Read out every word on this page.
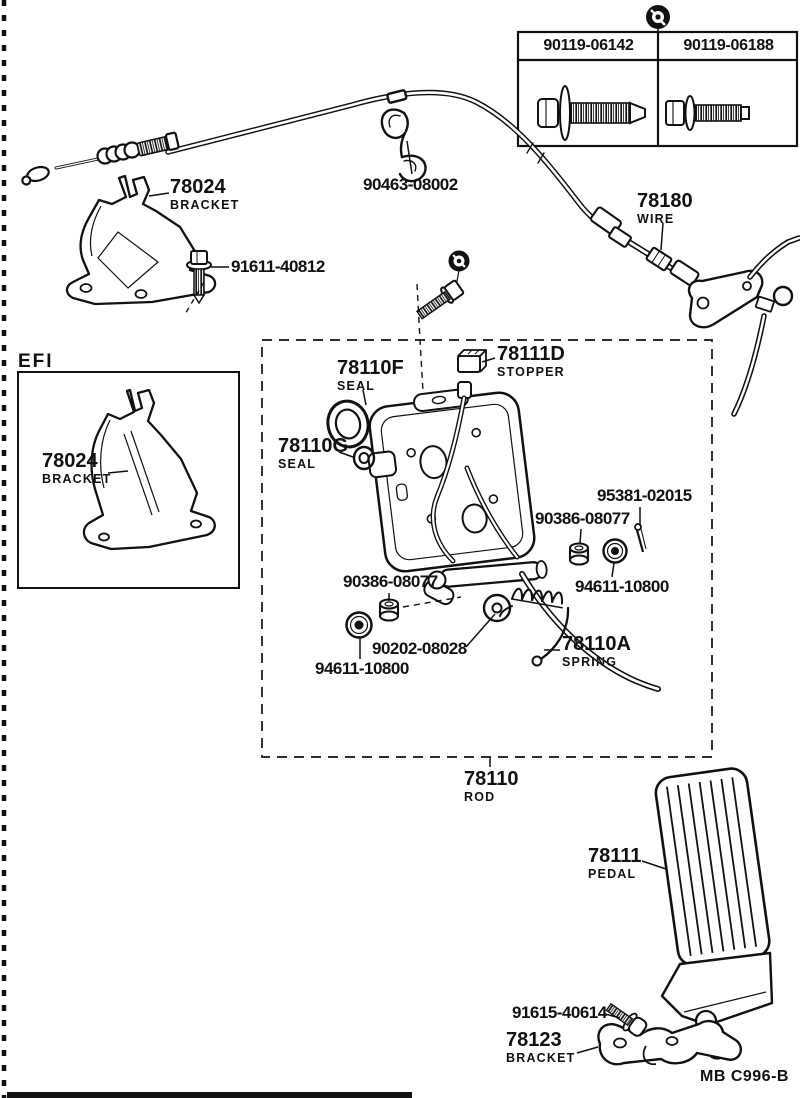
90119-06142	90119-06188
EFI
78024
BRACKET
91611-40812
90463-08002
78180
WIRE
78024
BRACKET
78110F
SEAL
78111D
STOPPER
78110G
SEAL
95381-02015
90386-08077
94611-10800
90386-08077
90202-08028
94611-10800
78110A
SPRING
78110
ROD
78111
PEDAL
91615-40614
78123
BRACKET
MB C996-B
